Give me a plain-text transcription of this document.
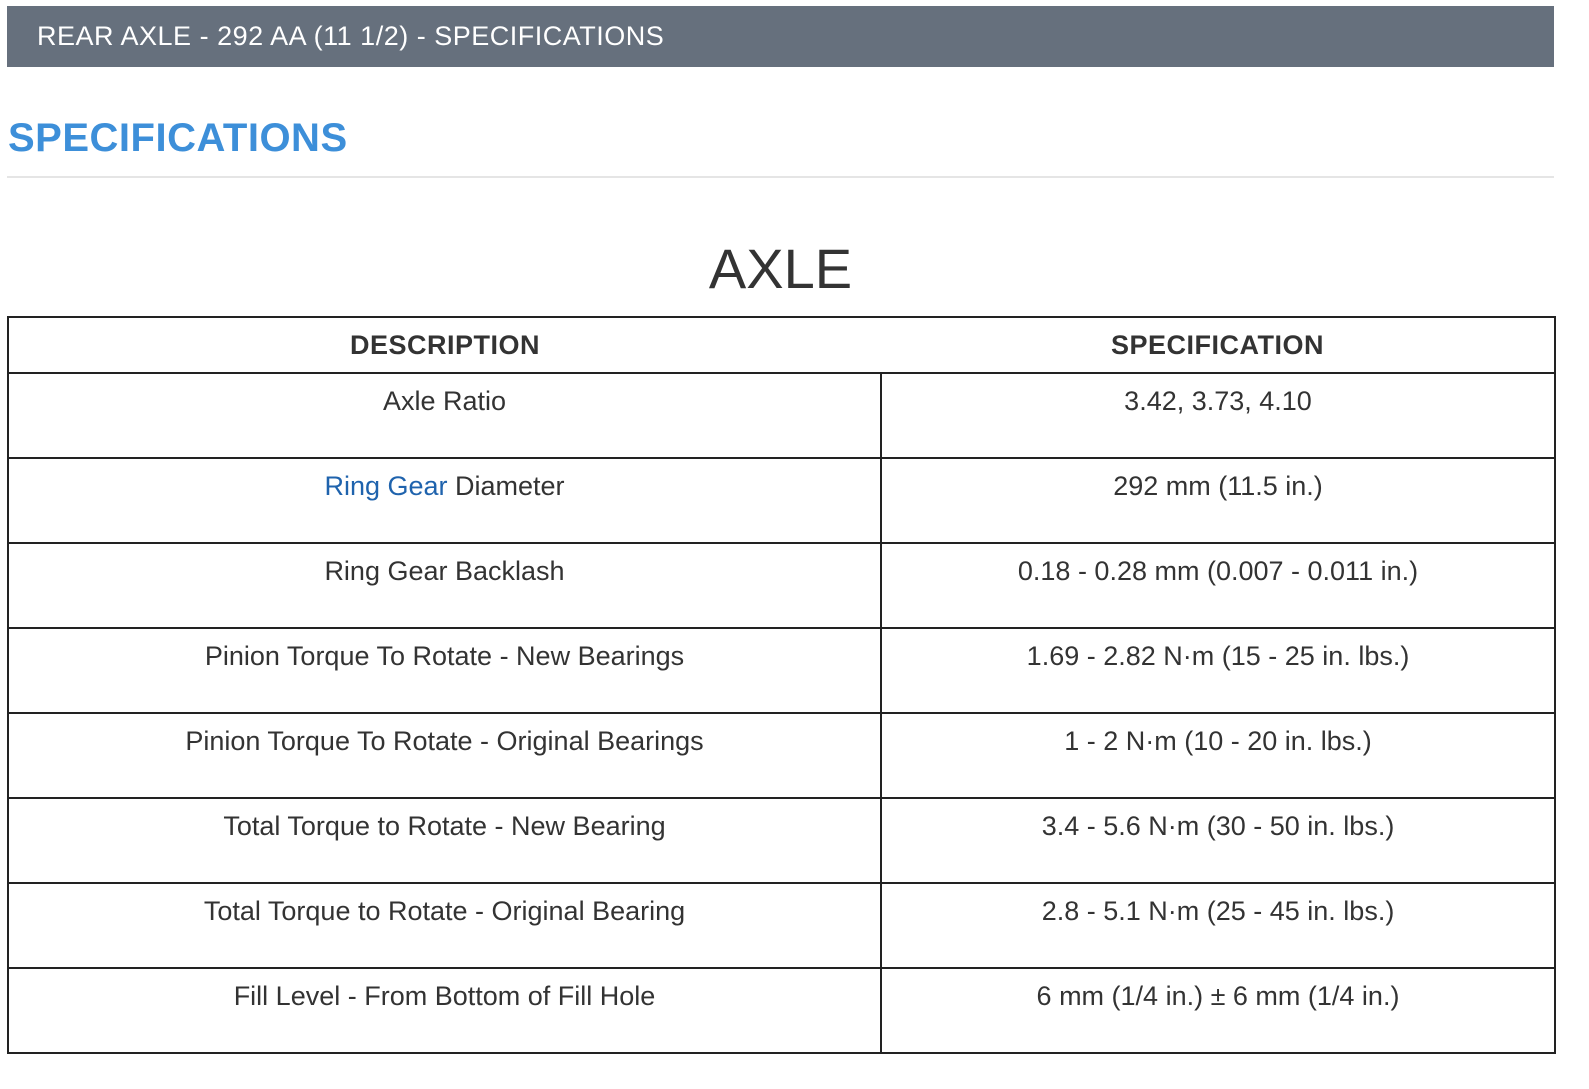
REAR AXLE - 292 AA (11 1/2) - SPECIFICATIONS
SPECIFICATIONS
AXLE
DESCRIPTION	SPECIFICATION
Axle Ratio	3.42, 3.73, 4.10
Ring Gear Diameter	292 mm (11.5 in.)
Ring Gear Backlash	0.18 - 0.28 mm (0.007 - 0.011 in.)
Pinion Torque To Rotate - New Bearings	1.69 - 2.82 N·m (15 - 25 in. lbs.)
Pinion Torque To Rotate - Original Bearings	1 - 2 N·m (10 - 20 in. lbs.)
Total Torque to Rotate - New Bearing	3.4 - 5.6 N·m (30 - 50 in. lbs.)
Total Torque to Rotate - Original Bearing	2.8 - 5.1 N·m (25 - 45 in. lbs.)
Fill Level - From Bottom of Fill Hole	6 mm (1/4 in.) ± 6 mm (1/4 in.)
